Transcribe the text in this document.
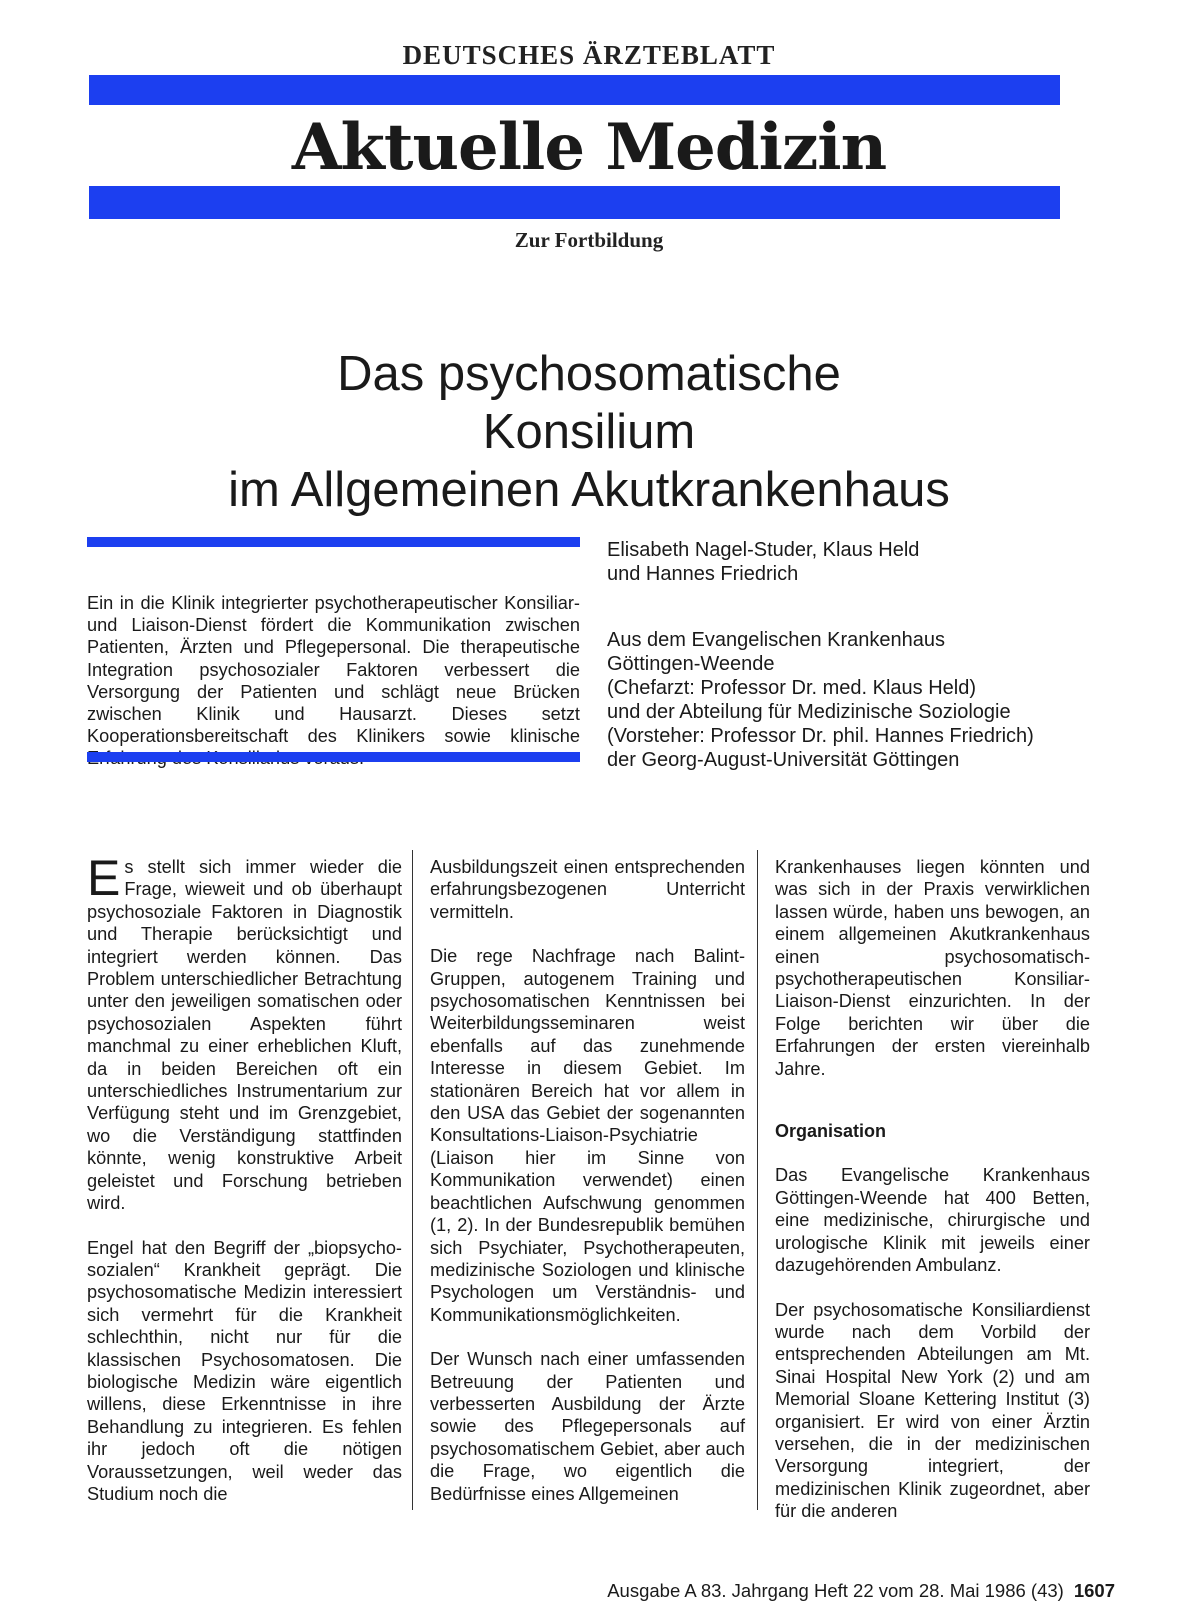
DEUTSCHES ÄRZTEBLATT
Aktuelle Medizin
Zur Fortbildung
Das psychosomatische
Konsilium
im Allgemeinen Akutkrankenhaus
Ein in die Klinik integrierter psychotherapeutischer Konsiliar- und Liaison-Dienst fördert die Kommunikation zwischen Patienten, Ärzten und Pflegepersonal. Die therapeutische Integration psychosozialer Faktoren verbessert die Versorgung der Patienten und schlägt neue Brücken zwischen Klinik und Hausarzt. Dieses setzt Kooperationsbereitschaft des Klinikers sowie klinische
Elisabeth Nagel-Studer, Klaus Held
und Hannes Friedrich
Aus dem Evangelischen Krankenhaus
Göttingen-Weende
(Chefarzt: Professor Dr. med. Klaus Held)
und der Abteilung für Medizinische Soziologie
(Vorsteher: Professor Dr. phil. Hannes Friedrich)
der Georg-August-Universität Göttingen

Es stellt sich immer wieder die Frage, wieweit und ob überhaupt psychosoziale Faktoren in Diagnostik und Therapie berücksichtigt und integriert werden können. Das Problem unterschiedlicher Betrachtung unter den jeweiligen somatischen oder psychosozialen Aspekten führt manchmal zu einer erheblichen Kluft, da in beiden Bereichen oft ein unterschiedliches Instrumentarium zur Verfügung steht und im Grenzgebiet, wo die Verständigung stattfinden könnte, wenig konstruktive Arbeit geleistet und Forschung betrieben wird.

Engel hat den Begriff der „biopsycho-sozialen“ Krankheit geprägt. Die psychosomatische Medizin interessiert sich vermehrt für die Krankheit schlechthin, nicht nur für die klassischen Psychosomatosen. Die biologische Medizin wäre eigentlich willens, diese Erkenntnisse in ihre Behandlung zu integrieren. Es fehlen ihr jedoch oft die nötigen Voraussetzungen, weil weder das Studium noch die

Ausbildungszeit einen entsprechenden erfahrungsbezogenen Unterricht vermitteln.

Die rege Nachfrage nach Balint-Gruppen, autogenem Training und psychosomatischen Kenntnissen bei Weiterbildungsseminaren weist ebenfalls auf das zunehmende Interesse in diesem Gebiet. Im stationären Bereich hat vor allem in den USA das Gebiet der sogenannten Konsultations-Liaison-Psychiatrie (Liaison hier im Sinne von Kommunikation verwendet) einen beachtlichen Aufschwung genommen (1, 2). In der Bundesrepublik bemühen sich Psychiater, Psychotherapeuten, medizinische Soziologen und klinische Psychologen um Verständnis- und Kommunikationsmöglichkeiten.

Der Wunsch nach einer umfassenden Betreuung der Patienten und verbesserten Ausbildung der Ärzte sowie des Pflegepersonals auf psychosomatischem Gebiet, aber auch die Frage, wo eigentlich die Bedürfnisse eines Allgemeinen

Krankenhauses liegen könnten und was sich in der Praxis verwirklichen lassen würde, haben uns bewogen, an einem allgemeinen Akutkrankenhaus einen psychosomatisch-psychotherapeutischen Konsiliar-Liaison-Dienst einzurichten. In der Folge berichten wir über die Erfahrungen der ersten viereinhalb Jahre.

Organisation

Das Evangelische Krankenhaus Göttingen-Weende hat 400 Betten, eine medizinische, chirurgische und urologische Klinik mit jeweils einer dazugehörenden Ambulanz.

Der psychosomatische Konsiliardienst wurde nach dem Vorbild der entsprechenden Abteilungen am Mt. Sinai Hospital New York (2) und am Memorial Sloane Kettering Institut (3) organisiert. Er wird von einer Ärztin versehen, die in der medizinischen Versorgung integriert, der medizinischen Klinik zugeordnet, aber für die anderen

Ausgabe A 83. Jahrgang Heft 22 vom 28. Mai 1986 (43) 1607
